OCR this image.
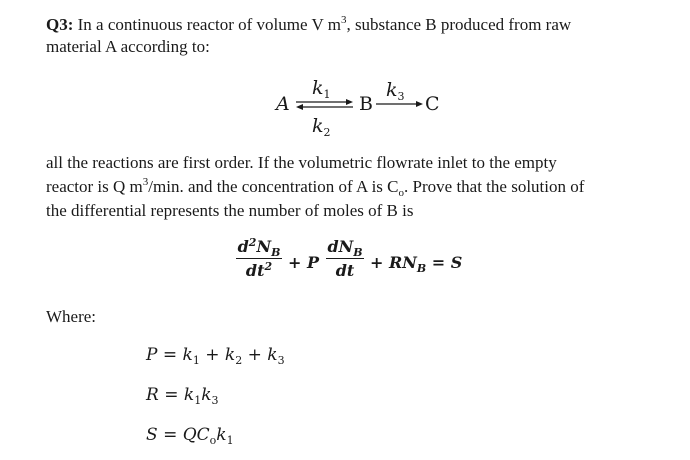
Q3: In a continuous reactor of volume V $m^3$, substance B produced from raw
material A according to:
A
$k_1$
$k_2$
B
$k_3$ C
all the reactions are first order. If the volumetric flowrate inlet to the empty
reactor is Q $m^3/\min$. and the concentration of A is $C_o$. Prove that the solution of
the differential represents the number of moles of B is
$d^2N_B$
$dt^2 + P$
$dN_B$
dt + $RN_B = S$
Where:
$P = k_1 + k_2 + k_3$
$R = k_1k_3$
$S = QC_ok_1$
